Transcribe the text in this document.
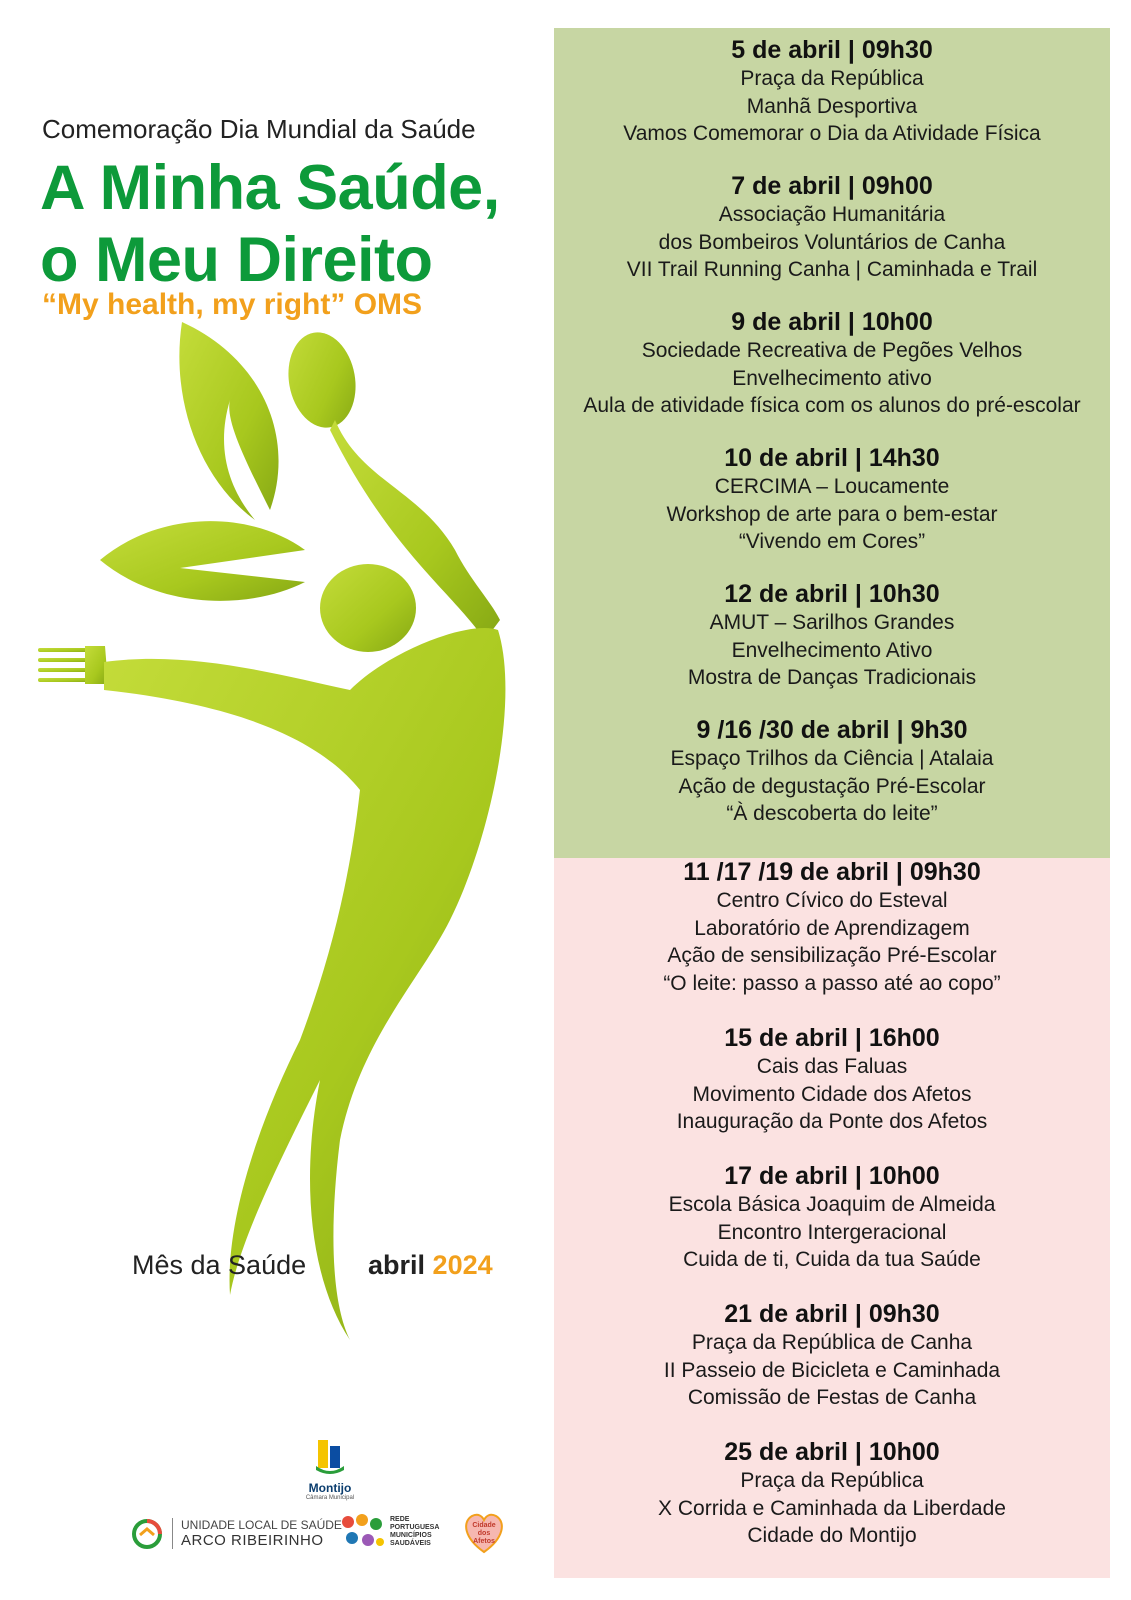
Comemoração Dia Mundial da Saúde
A Minha Saúde,
o Meu Direito
“My health, my right” OMS
Mês da Saúde abril 2024
Montijo
Câmara Municipal
UNIDADE LOCAL DE SAÚDE
ARCO RIBEIRINHO
REDE
PORTUGUESA
MUNICÍPIOS
SAUDÁVEIS
Cidade
dos
Afetos
5 de abril | 09h30
Praça da República
Manhã Desportiva
Vamos Comemorar o Dia da Atividade Física
7 de abril | 09h00
Associação Humanitária
dos Bombeiros Voluntários de Canha
VII Trail Running Canha | Caminhada e Trail
9 de abril | 10h00
Sociedade Recreativa de Pegões Velhos
Envelhecimento ativo
Aula de atividade física com os alunos do pré-escolar
10 de abril | 14h30
CERCIMA – Loucamente
Workshop de arte para o bem-estar
“Vivendo em Cores”
12 de abril | 10h30
AMUT – Sarilhos Grandes
Envelhecimento Ativo
Mostra de Danças Tradicionais
9 /16 /30 de abril | 9h30
Espaço Trilhos da Ciência | Atalaia
Ação de degustação Pré-Escolar
“À descoberta do leite”
11 /17 /19 de abril | 09h30
Centro Cívico do Esteval
Laboratório de Aprendizagem
Ação de sensibilização Pré-Escolar
“O leite: passo a passo até ao copo”
15 de abril | 16h00
Cais das Faluas
Movimento Cidade dos Afetos
Inauguração da Ponte dos Afetos
17 de abril | 10h00
Escola Básica Joaquim de Almeida
Encontro Intergeracional
Cuida de ti, Cuida da tua Saúde
21 de abril | 09h30
Praça da República de Canha
II Passeio de Bicicleta e Caminhada
Comissão de Festas de Canha
25 de abril | 10h00
Praça da República
X Corrida e Caminhada da Liberdade
Cidade do Montijo
